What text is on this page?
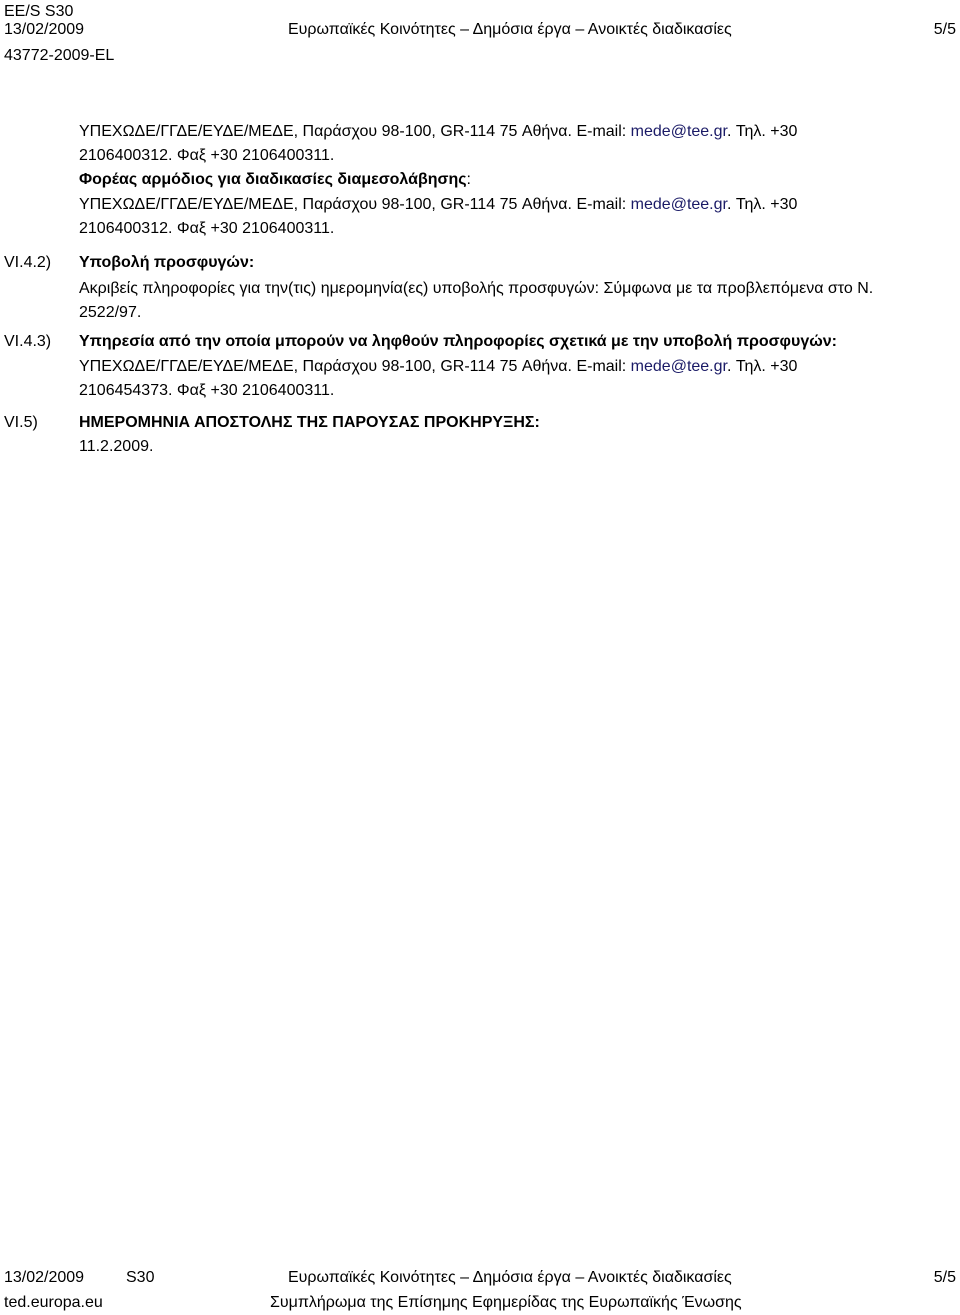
EE/S S30
13/02/2009	Ευρωπαϊκές Κοινότητες – Δημόσια έργα – Ανοικτές διαδικασίες	5/5
43772-2009-EL
ΥΠΕΧΩΔΕ/ΓΓΔΕ/ΕΥΔΕ/ΜΕΔΕ, Παράσχου 98-100, GR-114 75 Αθήνα. E-mail: mede@tee.gr. Τηλ. +30
2106400312. Φαξ +30 2106400311.
Φορέας αρμόδιος για διαδικασίες διαμεσολάβησης:
ΥΠΕΧΩΔΕ/ΓΓΔΕ/ΕΥΔΕ/ΜΕΔΕ, Παράσχου 98-100, GR-114 75 Αθήνα. E-mail: mede@tee.gr. Τηλ. +30
2106400312. Φαξ +30 2106400311.
VI.4.2) Υποβολή προσφυγών:
Ακριβείς πληροφορίες για την(τις) ημερομηνία(ες) υποβολής προσφυγών: Σύμφωνα με τα προβλεπόμενα στο Ν.
2522/97.
VI.4.3) Υπηρεσία από την οποία μπορούν να ληφθούν πληροφορίες σχετικά με την υποβολή προσφυγών:
ΥΠΕΧΩΔΕ/ΓΓΔΕ/ΕΥΔΕ/ΜΕΔΕ, Παράσχου 98-100, GR-114 75 Αθήνα. E-mail: mede@tee.gr. Τηλ. +30
2106454373. Φαξ +30 2106400311.
VI.5)	ΗΜΕΡΟΜΗΝΙΑ ΑΠΟΣΤΟΛΗΣ ΤΗΣ ΠΑΡΟΥΣΑΣ ΠΡΟΚΗΡΥΞΗΣ:
11.2.2009.
13/02/2009	S30	Ευρωπαϊκές Κοινότητες – Δημόσια έργα – Ανοικτές διαδικασίες	5/5
ted.europa.eu	Συμπλήρωμα της Επίσημης Εφημερίδας της Ευρωπαϊκής Ένωσης
